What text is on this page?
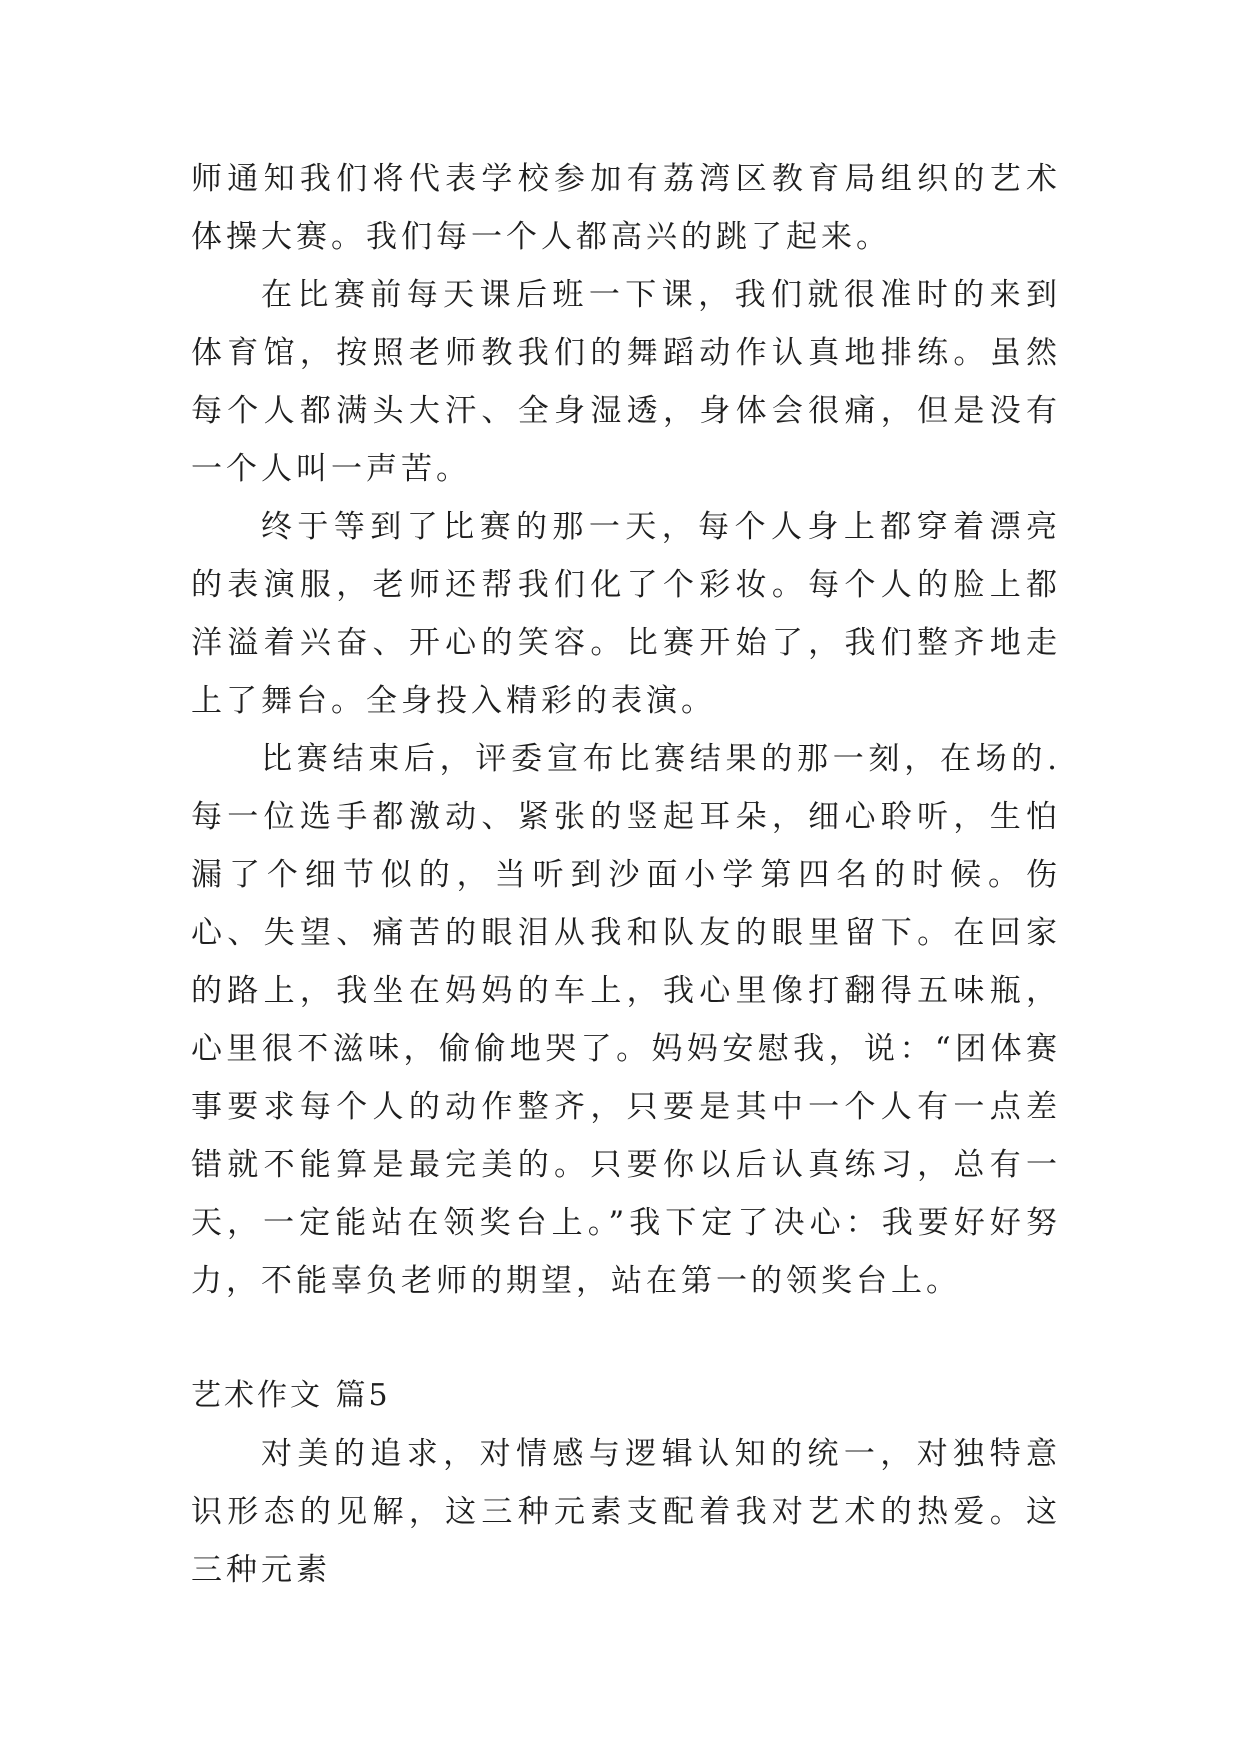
师通知我们将代表学校参加有荔湾区教育局组织的艺术体操大赛。我们每一个人都高兴的跳了起来。

在比赛前每天课后班一下课，我们就很准时的来到体育馆，按照老师教我们的舞蹈动作认真地排练。虽然每个人都满头大汗、全身湿透，身体会很痛，但是没有一个人叫一声苦。

终于等到了比赛的那一天，每个人身上都穿着漂亮的表演服，老师还帮我们化了个彩妆。每个人的脸上都洋溢着兴奋、开心的笑容。比赛开始了，我们整齐地走上了舞台。全身投入精彩的表演。

比赛结束后，评委宣布比赛结果的那一刻，在场的.每一位选手都激动、紧张的竖起耳朵，细心聆听，生怕漏了个细节似的，当听到沙面小学第四名的时候。伤心、失望、痛苦的眼泪从我和队友的眼里留下。在回家的路上，我坐在妈妈的车上，我心里像打翻得五味瓶，心里很不滋味，偷偷地哭了。妈妈安慰我，说：“团体赛事要求每个人的动作整齐，只要是其中一个人有一点差错就不能算是最完美的。只要你以后认真练习，总有一天，一定能站在领奖台上。”我下定了决心：我要好好努力，不能辜负老师的期望，站在第一的领奖台上。

艺术作文 篇5

对美的追求，对情感与逻辑认知的统一，对独特意识形态的见解，这三种元素支配着我对艺术的热爱。这三种元素
